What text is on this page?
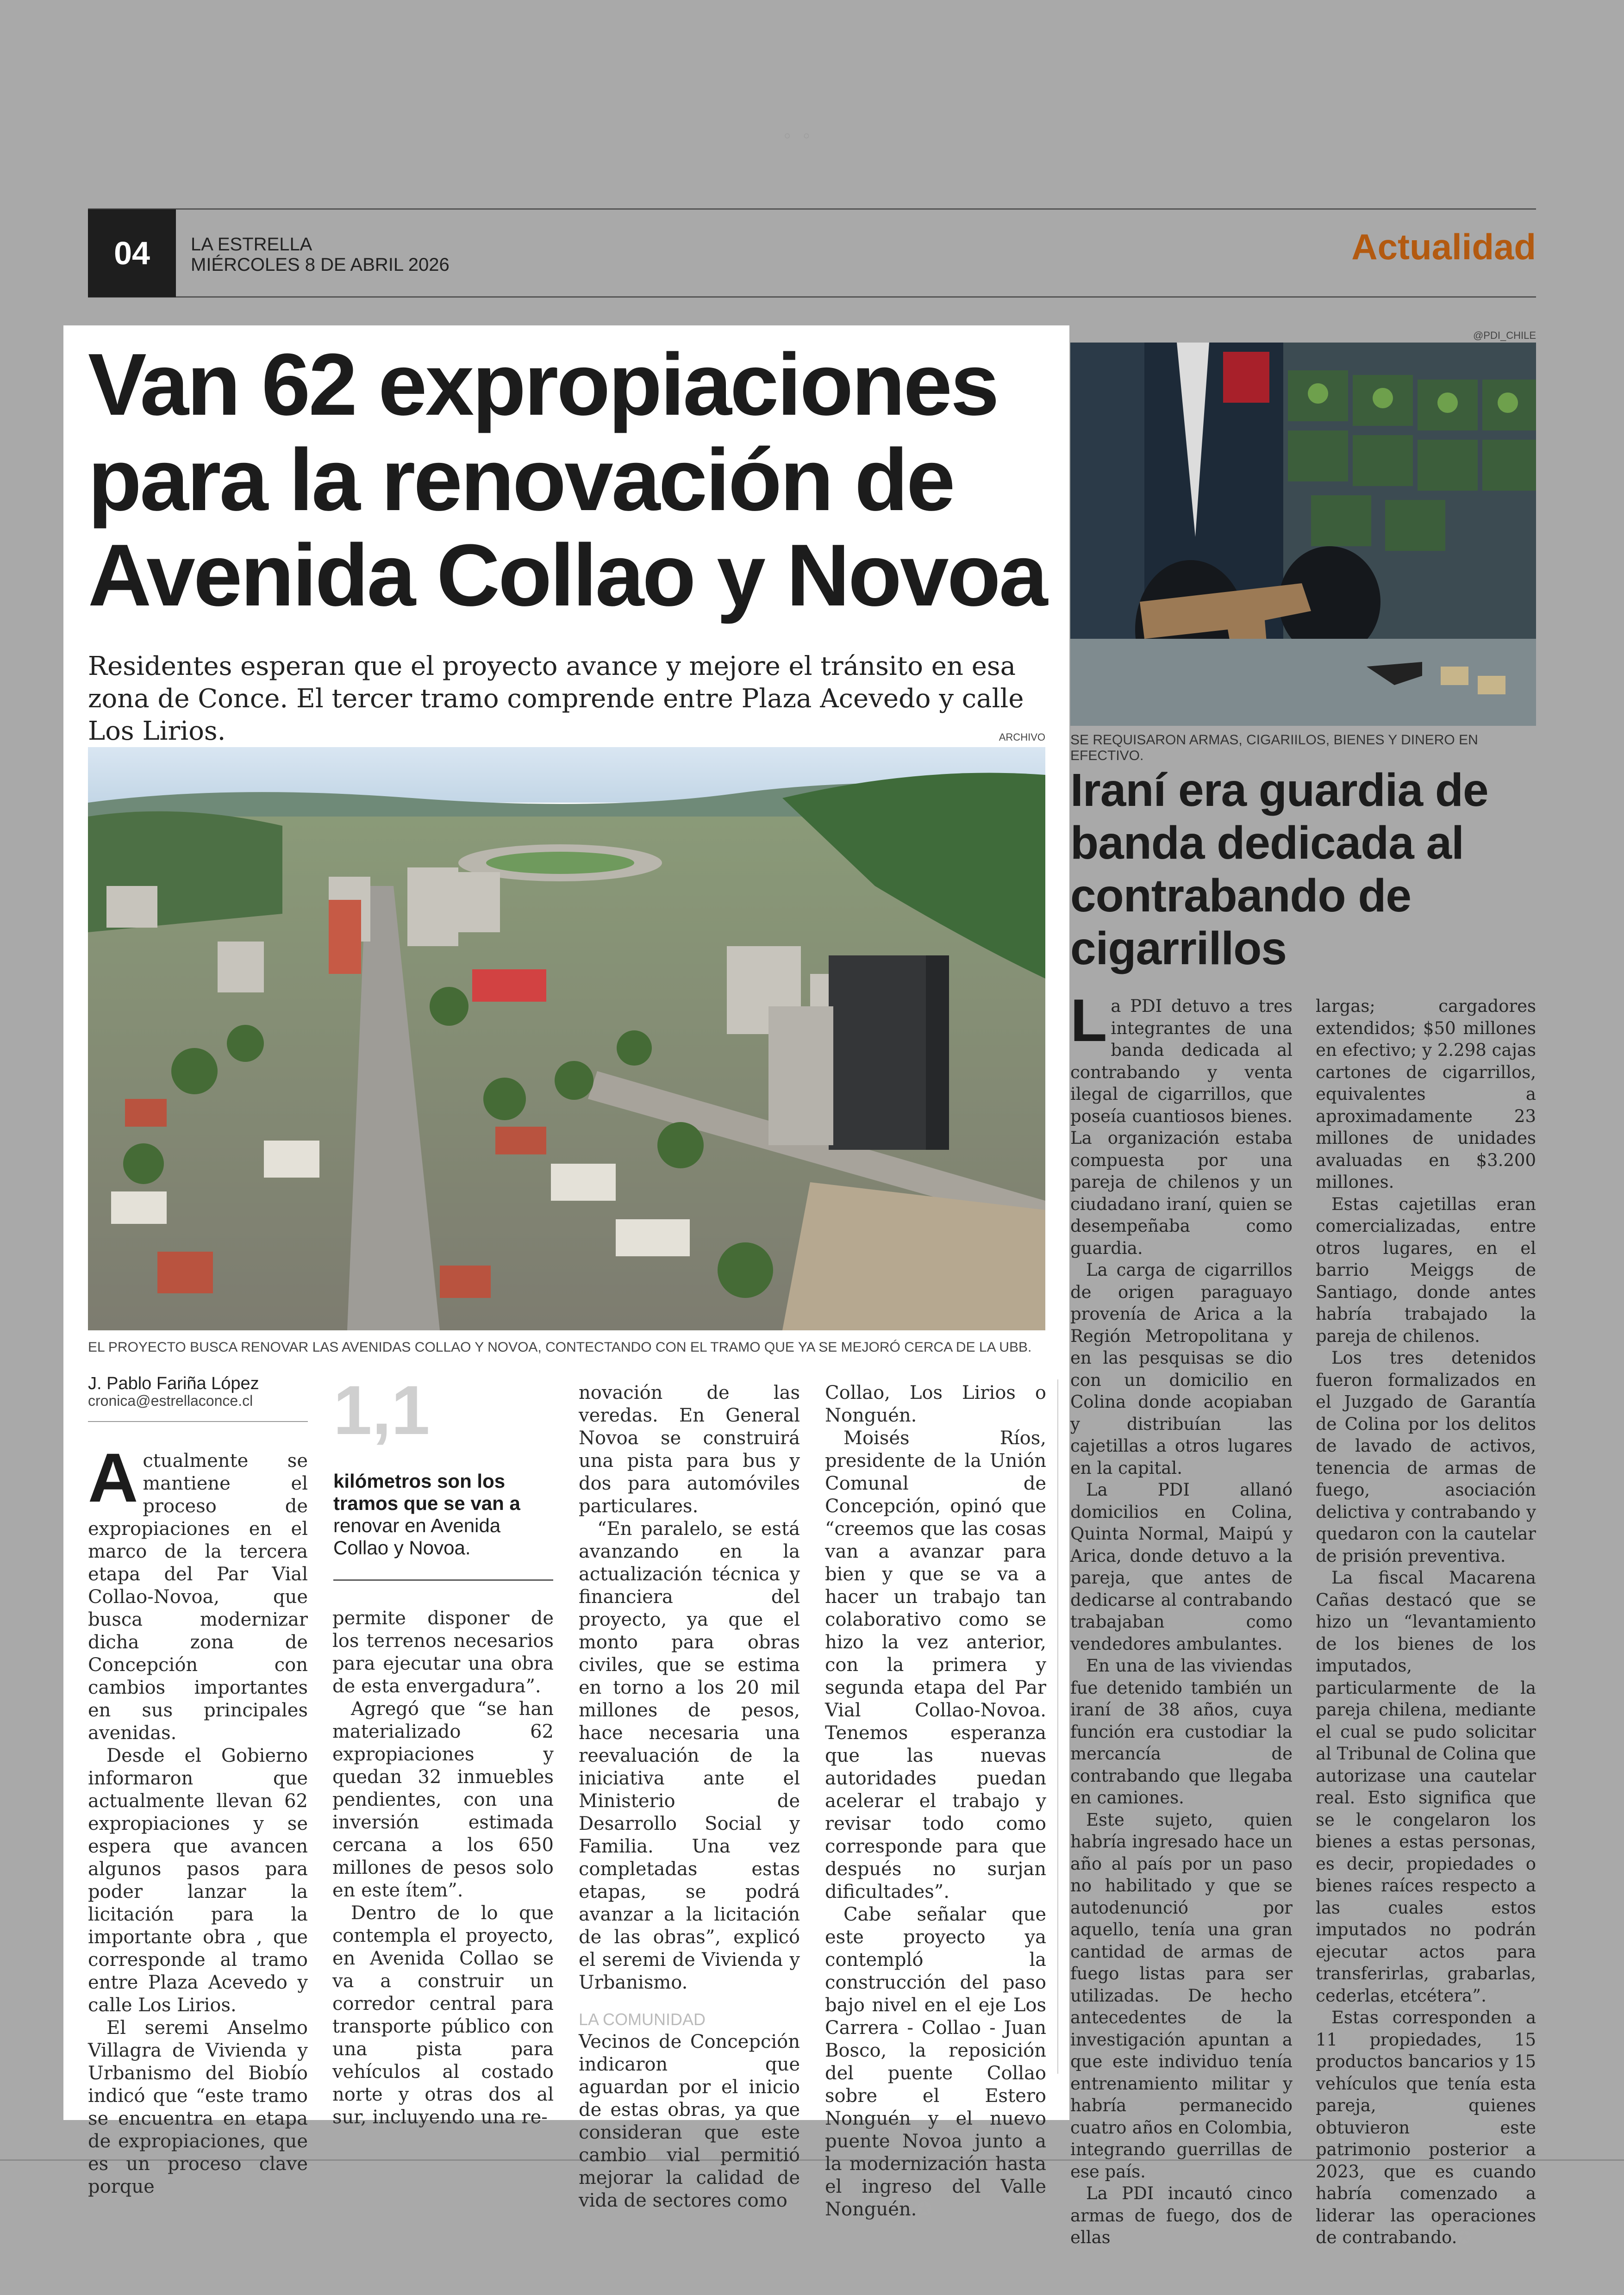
◦◦
04	LA ESTRELLA
MIÉRCOLES 8 DE ABRIL 2026	Actualidad
Van 62 expropiaciones para la renovación de Avenida Collao y Novoa

Residentes esperan que el proyecto avance y mejore el tránsito en esa zona de Conce. El tercer tramo comprende entre Plaza Acevedo y calle Los Lirios.	ARCHIVO
EL PROYECTO BUSCA RENOVAR LAS AVENIDAS COLLAO Y NOVOA, CONTECTANDO CON EL TRAMO QUE YA SE MEJORÓ CERCA DE LA UBB.
J. Pablo Fariña López
cronica@estrellaconce.cl

Actualmente se mantiene el proceso de expropiaciones en el marco de la tercera etapa del Par Vial Collao-Novoa, que busca modernizar dicha zona de Concepción con cambios importantes en sus principales avenidas.

Desde el Gobierno informaron que actualmente llevan 62 expropiaciones y se espera que avancen algunos pasos para poder lanzar la licitación para la importante obra , que corresponde al tramo entre Plaza Acevedo y calle Los Lirios.

El seremi Anselmo Villagra de Vivienda y Urbanismo del Biobío indicó que “este tramo se encuentra en etapa de expropiaciones, que es un proceso clave porque

1,1
kilómetros son los tramos que se van a renovar en Avenida Collao y Novoa.

permite disponer de los terrenos necesarios para ejecutar una obra de esta envergadura”.

Agregó que “se han materializado 62 expropiaciones y quedan 32 inmuebles pendientes, con una inversión estimada cercana a los 650 millones de pesos solo en este ítem”.

Dentro de lo que contempla el proyecto, en Avenida Collao se va a construir un corredor central para transporte público con una pista para vehículos al costado norte y otras dos al sur, incluyendo una re-

novación de las veredas. En General Novoa se construirá una pista para bus y dos para automóviles particulares.

“En paralelo, se está avanzando en la actualización técnica y financiera del proyecto, ya que el monto para obras civiles, que se estima en torno a los 20 mil millones de pesos, hace necesaria una reevaluación de la iniciativa ante el Ministerio de Desarrollo Social y Familia. Una vez completadas estas etapas, se podrá avanzar a la licitación de las obras”, explicó el seremi de Vivienda y Urbanismo.

LA COMUNIDAD

Vecinos de Concepción indicaron que aguardan por el inicio de estas obras, ya que consideran que este cambio vial permitió mejorar la calidad de vida de sectores como

Collao, Los Lirios o Nonguén.

Moisés Ríos, presidente de la Unión Comunal de Concepción, opinó que “creemos que las cosas van a avanzar para bien y que se va a hacer un trabajo tan colaborativo como se hizo la vez anterior, con la primera y segunda etapa del Par Vial Collao-Novoa. Tenemos esperanza que las nuevas autoridades puedan acelerar el trabajo y revisar todo como corresponde para que después no surjan dificultades”.

Cabe señalar que este proyecto ya contempló la construcción del paso bajo nivel en el eje Los Carrera - Collao - Juan Bosco, la reposición del puente Collao sobre el Estero Nonguén y el nuevo puente Novoa junto a la modernización hasta el ingreso del Valle Nonguén.✪

@PDI_CHILE
SE REQUISARON ARMAS, CIGARIILOS, BIENES Y DINERO EN EFECTIVO.
Iraní era guardia de banda dedicada al contrabando de cigarrillos

La PDI detuvo a tres integrantes de una banda dedicada al contrabando y venta ilegal de cigarrillos, que poseía cuantiosos bienes. La organización estaba compuesta por una pareja de chilenos y un ciudadano iraní, quien se desempeñaba como guardia.

La carga de cigarrillos de origen paraguayo provenía de Arica a la Región Metropolitana y en las pesquisas se dio con un domicilio en Colina donde acopiaban y distribuían las cajetillas a otros lugares en la capital.

La PDI allanó domicilios en Colina, Quinta Normal, Maipú y Arica, donde detuvo a la pareja, que antes de dedicarse al contrabando trabajaban como vendedores ambulantes.

En una de las viviendas fue detenido también un iraní de 38 años, cuya función era custodiar la mercancía de contrabando que llegaba en camiones.

Este sujeto, quien habría ingresado hace un año al país por un paso no habilitado y que se autodenunció por aquello, tenía una gran cantidad de armas de fuego listas para ser utilizadas. De hecho antecedentes de la investigación apuntan a que este individuo tenía entrenamiento militar y habría permanecido cuatro años en Colombia, integrando guerrillas de ese país.

La PDI incautó cinco armas de fuego, dos de ellas

largas; cargadores extendidos; $50 millones en efectivo; y 2.298 cajas cartones de cigarrillos, equivalentes a aproximadamente 23 millones de unidades avaluadas en $3.200 millones.

Estas cajetillas eran comercializadas, entre otros lugares, en el barrio Meiggs de Santiago, donde antes habría trabajado la pareja de chilenos.

Los tres detenidos fueron formalizados en el Juzgado de Garantía de Colina por los delitos de lavado de activos, tenencia de armas de fuego, asociación delictiva y contrabando y quedaron con la cautelar de prisión preventiva.

La fiscal Macarena Cañas destacó que se hizo un “levantamiento de los bienes de los imputados, particularmente de la pareja chilena, mediante el cual se pudo solicitar al Tribunal de Colina que autorizase una cautelar real. Esto significa que se le congelaron los bienes a estas personas, es decir, propiedades o bienes raíces respecto a las cuales estos imputados no podrán ejecutar actos para transferirlas, grabarlas, cederlas, etcétera”.

Estas corresponden a 11 propiedades, 15 productos bancarios y 15 vehículos que tenía esta pareja, quienes obtuvieron este patrimonio posterior a 2023, que es cuando habría comenzado a liderar las operaciones de contrabando.✪
